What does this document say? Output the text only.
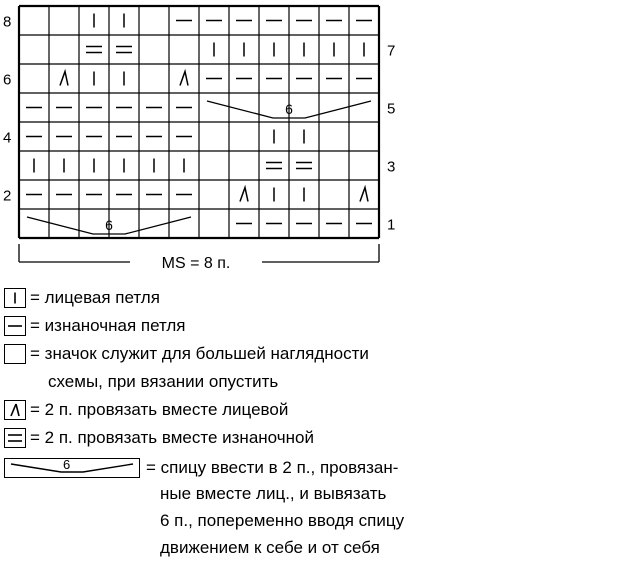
6
6
8
6
4
2
7
5
3
1
MS = 8 п.
= лицевая петля
= изнаночная петля
= значок служит для большей наглядности
схемы, при вязании опустить
= 2 п. провязать вместе лицевой
= 2 п. провязать вместе изнаночной
6	= спицу ввести в 2 п., провязан-
ные вместе лиц., и вывязать
6 п., попеременно вводя спицу
движением к себе и от себя
